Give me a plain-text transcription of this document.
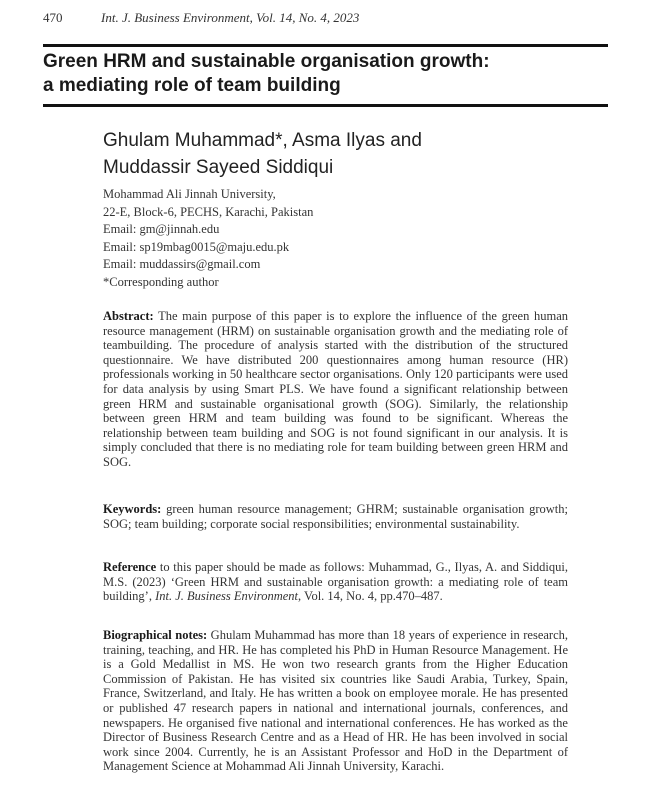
470	Int. J. Business Environment, Vol. 14, No. 4, 2023
Green HRM and sustainable organisation growth:
a mediating role of team building
Ghulam Muhammad*, Asma Ilyas and
Muddassir Sayeed Siddiqui
Mohammad Ali Jinnah University,
22-E, Block-6, PECHS, Karachi, Pakistan
Email: gm@jinnah.edu
Email: sp19mbag0015@maju.edu.pk
Email: muddassirs@gmail.com
*Corresponding author
Abstract: The main purpose of this paper is to explore the influence of the green human resource management (HRM) on sustainable organisation growth and the mediating role of teambuilding. The procedure of analysis started with the distribution of the structured questionnaire. We have distributed 200 questionnaires among human resource (HR) professionals working in 50 healthcare sector organisations. Only 120 participants were used for data analysis by using Smart PLS. We have found a significant relationship between green HRM and sustainable organisational growth (SOG). Similarly, the relationship between green HRM and team building was found to be significant. Whereas the relationship between team building and SOG is not found significant in our analysis. It is simply concluded that there is no mediating role for team building between green HRM and SOG.
Keywords: green human resource management; GHRM; sustainable organisation growth; SOG; team building; corporate social responsibilities; environmental sustainability.
Reference to this paper should be made as follows: Muhammad, G., Ilyas, A. and Siddiqui, M.S. (2023) ‘Green HRM and sustainable organisation growth: a mediating role of team building’, Int. J. Business Environment, Vol. 14, No. 4, pp.470–487.
Biographical notes: Ghulam Muhammad has more than 18 years of experience in research, training, teaching, and HR. He has completed his PhD in Human Resource Management. He is a Gold Medallist in MS. He won two research grants from the Higher Education Commission of Pakistan. He has visited six countries like Saudi Arabia, Turkey, Spain, France, Switzerland, and Italy. He has written a book on employee morale. He has presented or published 47 research papers in national and international journals, conferences, and newspapers. He organised five national and international conferences. He has worked as the Director of Business Research Centre and as a Head of HR. He has been involved in social work since 2004. Currently, he is an Assistant Professor and HoD in the Department of Management Science at Mohammad Ali Jinnah University, Karachi.
